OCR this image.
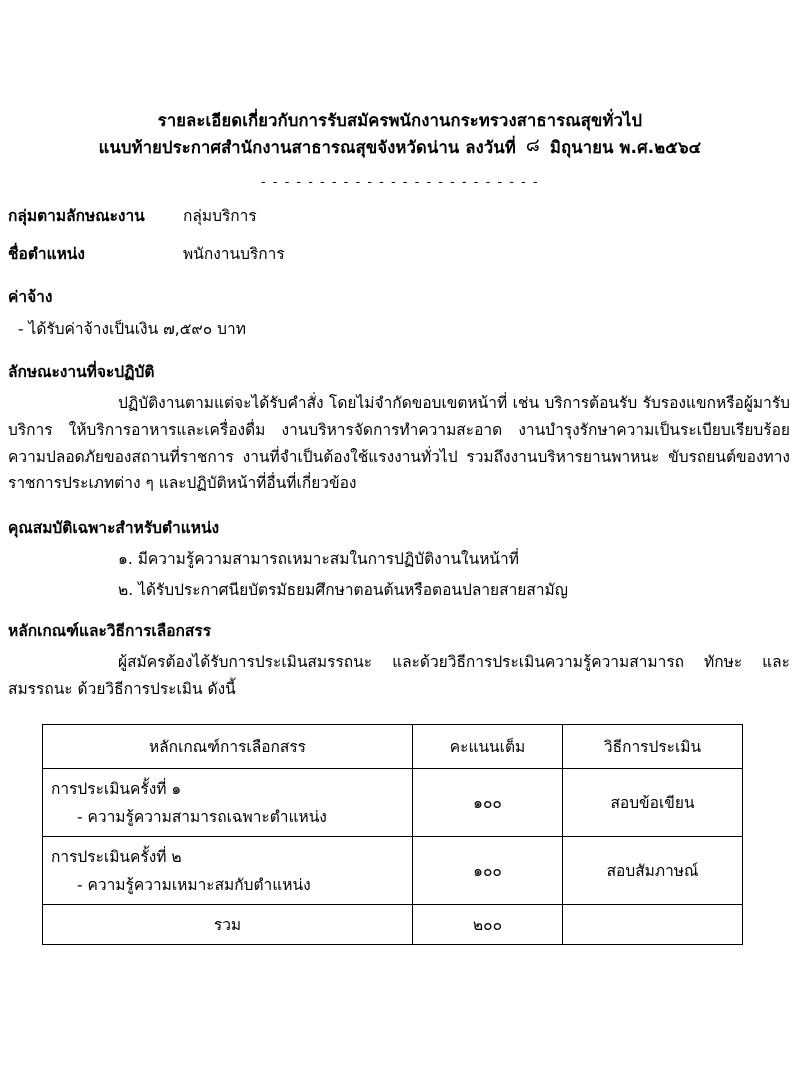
รายละเอียดเกี่ยวกับการรับสมัครพนักงานกระทรวงสาธารณสุขทั่วไป
แนบท้ายประกาศสำนักงานสาธารณสุขจังหวัดน่าน ลงวันที่ ๘ มิถุนายน พ.ศ.๒๕๖๔
- - - - - - - - - - - - - - - - - - - - - - - -
กลุ่มตามลักษณะงาน	กลุ่มบริการ
ชื่อตำแหน่ง	พนักงานบริการ
ค่าจ้าง
- ได้รับค่าจ้างเป็นเงิน ๗,๕๙๐ บาท
ลักษณะงานที่จะปฏิบัติ
ปฏิบัติงานตามแต่จะได้รับคำสั่ง โดยไม่จำกัดขอบเขตหน้าที่ เช่น บริการต้อนรับ รับรองแขกหรือผู้มารับบริการ ให้บริการอาหารและเครื่องดื่ม งานบริหารจัดการทำความสะอาด งานบำรุงรักษาความเป็นระเบียบเรียบร้อย ความปลอดภัยของสถานที่ราชการ งานที่จำเป็นต้องใช้แรงงานทั่วไป รวมถึงงานบริหารยานพาหนะ ขับรถยนต์ของทางราชการประเภทต่าง ๆ และปฏิบัติหน้าที่อื่นที่เกี่ยวข้อง
คุณสมบัติเฉพาะสำหรับตำแหน่ง
๑. มีความรู้ความสามารถเหมาะสมในการปฏิบัติงานในหน้าที่
๒. ได้รับประกาศนียบัตรมัธยมศึกษาตอนต้นหรือตอนปลายสายสามัญ
หลักเกณฑ์และวิธีการเลือกสรร
ผู้สมัครต้องได้รับการประเมินสมรรถนะ และด้วยวิธีการประเมินความรู้ความสามารถ ทักษะ และสมรรถนะ ด้วยวิธีการประเมิน ดังนี้
หลักเกณฑ์การเลือกสรร	คะแนนเต็ม	วิธีการประเมิน

การประเมินครั้งที่ ๑
- ความรู้ความสามารถเฉพาะตำแหน่ง	๑๐๐	สอบข้อเขียน

การประเมินครั้งที่ ๒
- ความรู้ความเหมาะสมกับตำแหน่ง	๑๐๐	สอบสัมภาษณ์
รวม	๒๐๐	
